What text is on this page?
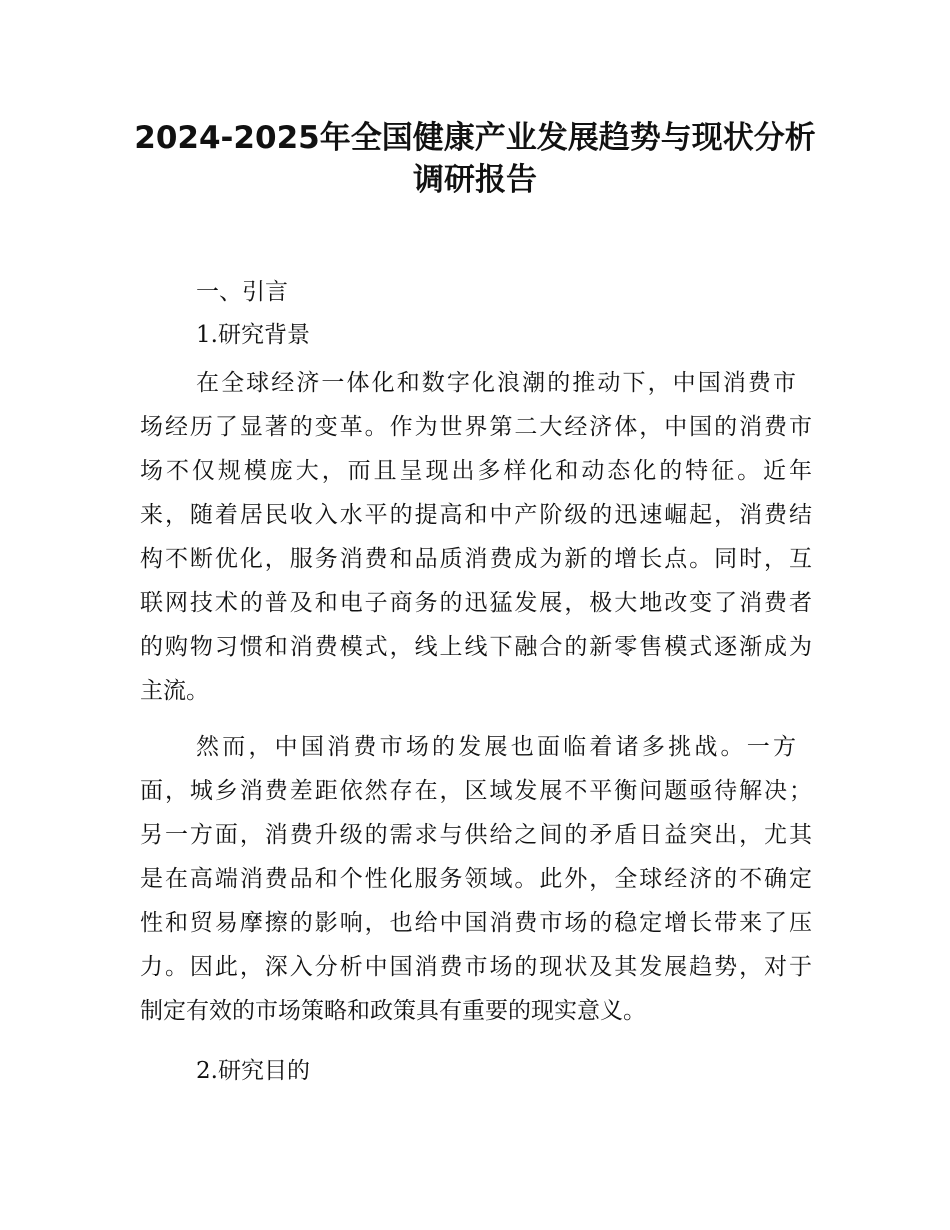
2024-2025年全国健康产业发展趋势与现状分析
调研报告
一、引言
1.研究背景
在全球经济一体化和数字化浪潮的推动下，中国消费市
场经历了显著的变革。作为世界第二大经济体，中国的消费市
场不仅规模庞大，而且呈现出多样化和动态化的特征。近年
来，随着居民收入水平的提高和中产阶级的迅速崛起，消费结
构不断优化，服务消费和品质消费成为新的增长点。同时，互
联网技术的普及和电子商务的迅猛发展，极大地改变了消费者
的购物习惯和消费模式，线上线下融合的新零售模式逐渐成为
主流。
然而，中国消费市场的发展也面临着诸多挑战。一方
面，城乡消费差距依然存在，区域发展不平衡问题亟待解决；
另一方面，消费升级的需求与供给之间的矛盾日益突出，尤其
是在高端消费品和个性化服务领域。此外，全球经济的不确定
性和贸易摩擦的影响，也给中国消费市场的稳定增长带来了压
力。因此，深入分析中国消费市场的现状及其发展趋势，对于
制定有效的市场策略和政策具有重要的现实意义。
2.研究目的
